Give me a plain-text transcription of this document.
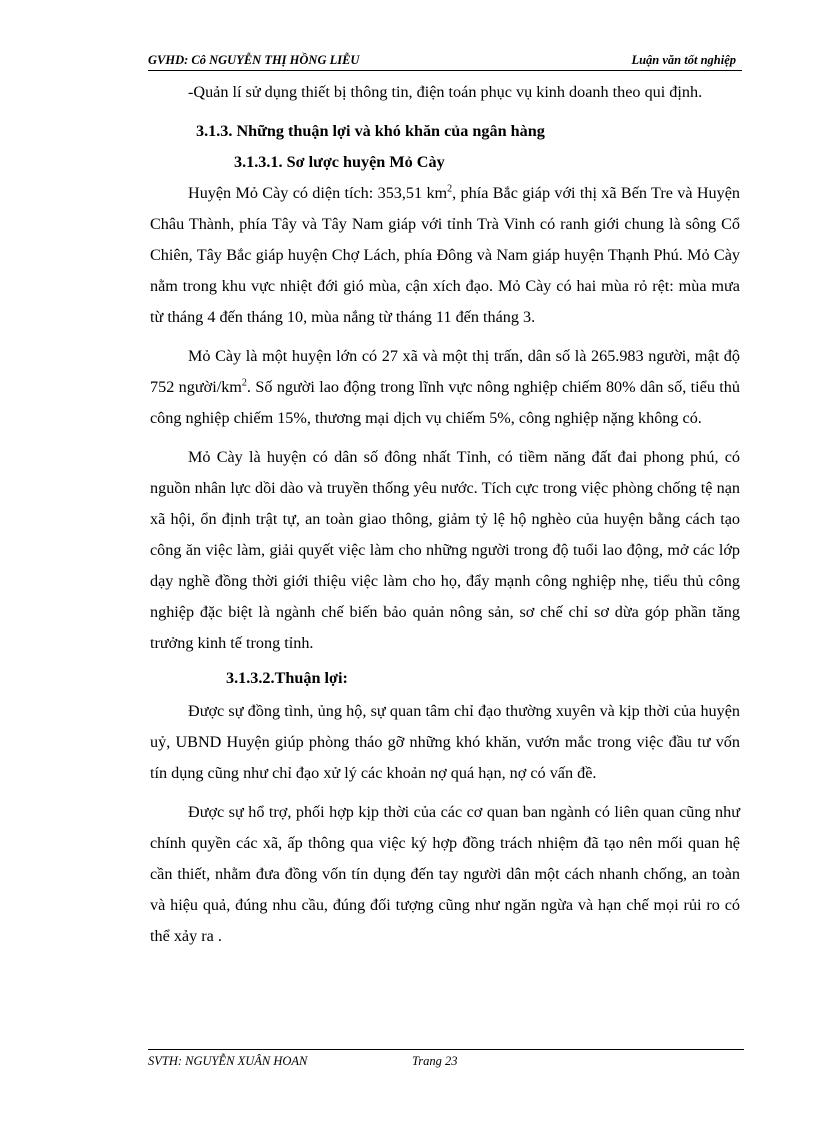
GVHD: Cô NGUYỄN THỊ HỒNG LIỄU	Luận văn tốt nghiệp

-Quản lí sử dụng thiết bị thông tin, điện toán phục vụ kinh doanh theo qui định.

3.1.3. Những thuận lợi và khó khăn của ngân hàng

3.1.3.1. Sơ lược huyện Mỏ Cày

Huyện Mỏ Cày có diện tích: 353,51 $km^2$, phía Bắc giáp với thị xã Bến Tre và Huyện Châu Thành, phía Tây và Tây Nam giáp với tỉnh Trà Vinh có ranh giới chung là sông Cổ Chiên, Tây Bắc giáp huyện Chợ Lách, phía Đông và Nam giáp huyện Thạnh Phú. Mỏ Cày nằm trong khu vực nhiệt đới gió mùa, cận xích đạo. Mỏ Cày có hai mùa rỏ rệt: mùa mưa từ tháng 4 đến tháng 10, mùa nắng từ tháng 11 đến tháng 3.

Mỏ Cày là một huyện lớn có 27 xã và một thị trấn, dân số là 265.983 người, mật độ 752 người/$km^2$. Số người lao động trong lĩnh vực nông nghiệp chiếm 80% dân số, tiểu thủ công nghiệp chiếm 15%, thương mại dịch vụ chiếm 5%, công nghiệp nặng không có.

Mỏ Cày là huyện có dân số đông nhất Tỉnh, có tiềm năng đất đai phong phú, có nguồn nhân lực dồi dào và truyền thống yêu nước. Tích cực trong việc phòng chống tệ nạn xã hội, ổn định trật tự, an toàn giao thông, giảm tỷ lệ hộ nghèo của huyện bằng cách tạo công ăn việc làm, giải quyết việc làm cho những người trong độ tuổi lao động, mở các lớp dạy nghề đồng thời giới thiệu việc làm cho họ, đẩy mạnh công nghiệp nhẹ, tiểu thủ công nghiệp đặc biệt là ngành chế biến bảo quản nông sản, sơ chế chỉ sơ dừa góp phần tăng trưởng kinh tế trong tỉnh.

3.1.3.2.Thuận lợi:

Được sự đồng tình, ủng hộ, sự quan tâm chỉ đạo thường xuyên và kịp thời của huyện uỷ, UBND Huyện giúp phòng tháo gỡ những khó khăn, vướn mắc trong việc đầu tư vốn tín dụng cũng như chỉ đạo xử lý các khoản nợ quá hạn, nợ có vấn đề.

Được sự hổ trợ, phối hợp kịp thời của các cơ quan ban ngành có liên quan cũng như chính quyền các xã, ấp thông qua việc ký hợp đồng trách nhiệm đã tạo nên mối quan hệ cần thiết, nhằm đưa đồng vốn tín dụng đến tay người dân một cách nhanh chống, an toàn và hiệu quả, đúng nhu cầu, đúng đối tượng cũng như ngăn ngừa và hạn chế mọi rủi ro có thể xảy ra .

SVTH: NGUYỄN XUÂN HOAN	Trang 23
